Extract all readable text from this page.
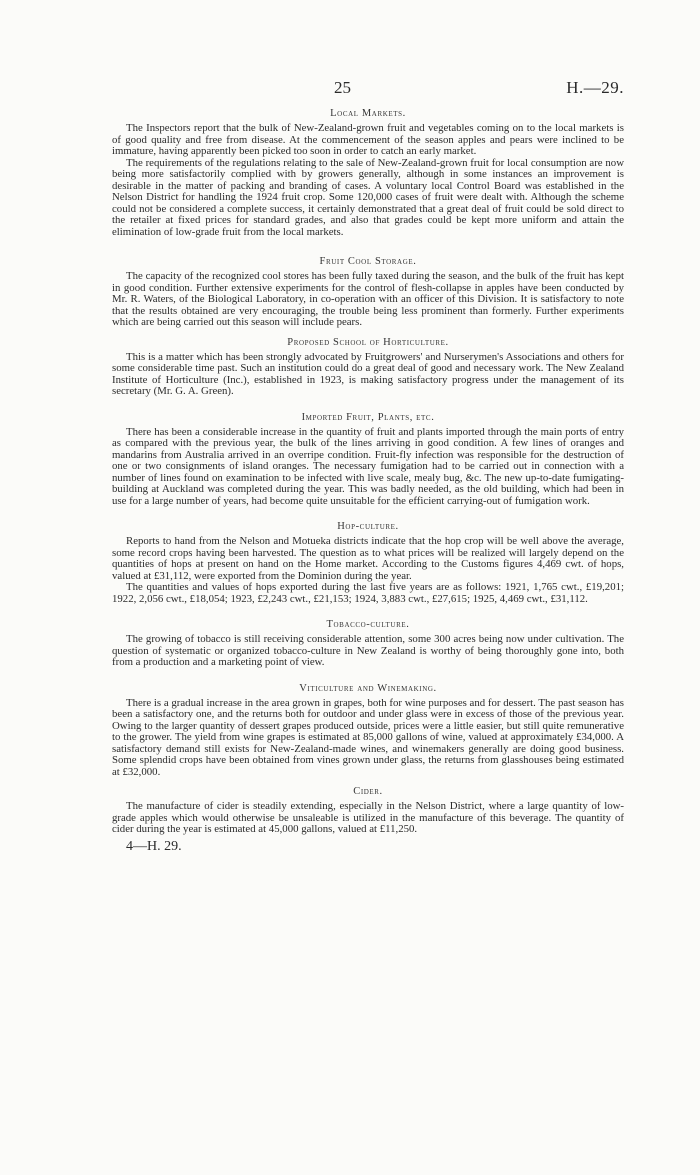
25	H.—29.
Local Markets.

The Inspectors report that the bulk of New-Zealand-grown fruit and vegetables coming on to the local markets is of good quality and free from disease. At the commencement of the season apples and pears were inclined to be immature, having apparently been picked too soon in order to catch an early market.

The requirements of the regulations relating to the sale of New-Zealand-grown fruit for local consumption are now being more satisfactorily complied with by growers generally, although in some instances an improvement is desirable in the matter of packing and branding of cases. A voluntary local Control Board was established in the Nelson District for handling the 1924 fruit crop. Some 120,000 cases of fruit were dealt with. Although the scheme could not be considered a complete success, it certainly demonstrated that a great deal of fruit could be sold direct to the retailer at fixed prices for standard grades, and also that grades could be kept more uniform and attain the elimination of low-grade fruit from the local markets.

Fruit Cool Storage.

The capacity of the recognized cool stores has been fully taxed during the season, and the bulk of the fruit has kept in good condition. Further extensive experiments for the control of flesh-collapse in apples have been conducted by Mr. R. Waters, of the Biological Laboratory, in co-operation with an officer of this Division. It is satisfactory to note that the results obtained are very encouraging, the trouble being less prominent than formerly. Further experiments which are being carried out this season will include pears.

Proposed School of Horticulture.

This is a matter which has been strongly advocated by Fruitgrowers' and Nurserymen's Associations and others for some considerable time past. Such an institution could do a great deal of good and necessary work. The New Zealand Institute of Horticulture (Inc.), established in 1923, is making satisfactory progress under the management of its secretary (Mr. G. A. Green).

Imported Fruit, Plants, etc.

There has been a considerable increase in the quantity of fruit and plants imported through the main ports of entry as compared with the previous year, the bulk of the lines arriving in good condition. A few lines of oranges and mandarins from Australia arrived in an overripe condition. Fruit-fly infection was responsible for the destruction of one or two consignments of island oranges. The necessary fumigation had to be carried out in connection with a number of lines found on examination to be infected with live scale, mealy bug, &c. The new up-to-date fumigating-building at Auckland was completed during the year. This was badly needed, as the old building, which had been in use for a large number of years, had become quite unsuitable for the efficient carrying-out of fumigation work.

Hop-culture.

Reports to hand from the Nelson and Motueka districts indicate that the hop crop will be well above the average, some record crops having been harvested. The question as to what prices will be realized will largely depend on the quantities of hops at present on hand on the Home market. According to the Customs figures 4,469 cwt. of hops, valued at £31,112, were exported from the Dominion during the year.

The quantities and values of hops exported during the last five years are as follows: 1921, 1,765 cwt., £19,201; 1922, 2,056 cwt., £18,054; 1923, £2,243 cwt., £21,153; 1924, 3,883 cwt., £27,615; 1925, 4,469 cwt., £31,112.

Tobacco-culture.

The growing of tobacco is still receiving considerable attention, some 300 acres being now under cultivation. The question of systematic or organized tobacco-culture in New Zealand is worthy of being thoroughly gone into, both from a production and a marketing point of view.

Viticulture and Winemaking.

There is a gradual increase in the area grown in grapes, both for wine purposes and for dessert. The past season has been a satisfactory one, and the returns both for outdoor and under glass were in excess of those of the previous year. Owing to the larger quantity of dessert grapes produced outside, prices were a little easier, but still quite remunerative to the grower. The yield from wine grapes is estimated at 85,000 gallons of wine, valued at approximately £34,000. A satisfactory demand still exists for New-Zealand-made wines, and winemakers generally are doing good business. Some splendid crops have been obtained from vines grown under glass, the returns from glasshouses being estimated at £32,000.

Cider.

The manufacture of cider is steadily extending, especially in the Nelson District, where a large quantity of low-grade apples which would otherwise be unsaleable is utilized in the manufacture of this beverage. The quantity of cider during the year is estimated at 45,000 gallons, valued at £11,250.

4—H. 29.
